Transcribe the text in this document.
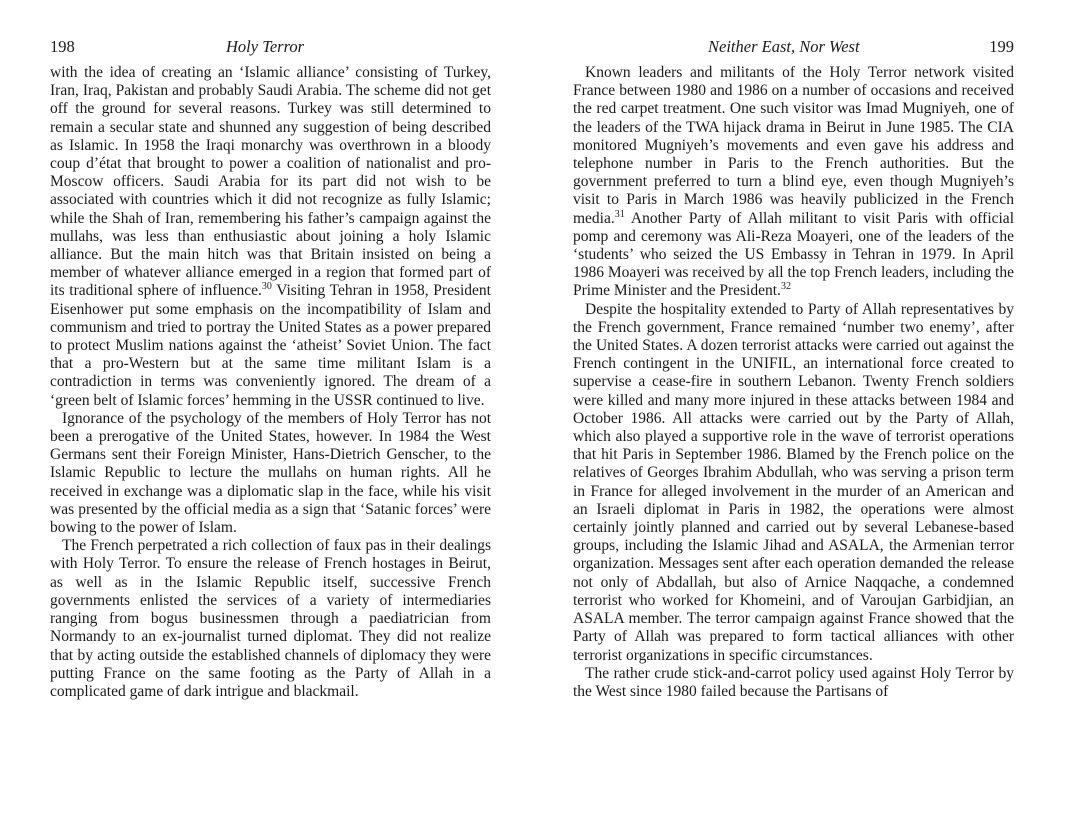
198	Holy Terror

with the idea of creating an ‘Islamic alliance’ consisting of Turkey, Iran, Iraq, Pakistan and probably Saudi Arabia. The scheme did not get off the ground for several reasons. Turkey was still determined to remain a secular state and shunned any suggestion of being described as Islamic. In 1958 the Iraqi monarchy was overthrown in a bloody coup d’état that brought to power a coalition of nationalist and pro-Moscow officers. Saudi Arabia for its part did not wish to be associated with countries which it did not recognize as fully Islamic; while the Shah of Iran, remembering his father’s campaign against the mullahs, was less than enthusiastic about joining a holy Islamic alliance. But the main hitch was that Britain insisted on being a member of whatever alliance emerged in a region that formed part of its traditional sphere of influence.$^{30}$ Visiting Tehran in 1958, President Eisenhower put some emphasis on the incompatibility of Islam and communism and tried to portray the United States as a power prepared to protect Muslim nations against the ‘atheist’ Soviet Union. The fact that a pro-Western but at the same time militant Islam is a contradiction in terms was conveniently ignored. The dream of a ‘green belt of Islamic forces’ hemming in the USSR continued to live.

Ignorance of the psychology of the members of Holy Terror has not been a prerogative of the United States, however. In 1984 the West Germans sent their Foreign Minister, Hans-Dietrich Genscher, to the Islamic Republic to lecture the mullahs on human rights. All he received in exchange was a diplomatic slap in the face, while his visit was presented by the official media as a sign that ‘Satanic forces’ were bowing to the power of Islam.

The French perpetrated a rich collection of faux pas in their dealings with Holy Terror. To ensure the release of French hostages in Beirut, as well as in the Islamic Republic itself, successive French governments enlisted the services of a variety of intermediaries ranging from bogus businessmen through a paediatrician from Normandy to an ex-journalist turned diplomat. They did not realize that by acting outside the established channels of diplomacy they were putting France on the same footing as the Party of Allah in a complicated game of dark intrigue and blackmail.

Neither East, Nor West	199

Known leaders and militants of the Holy Terror network visited France between 1980 and 1986 on a number of occasions and received the red carpet treatment. One such visitor was Imad Mugniyeh, one of the leaders of the TWA hijack drama in Beirut in June 1985. The CIA monitored Mugniyeh’s movements and even gave his address and telephone number in Paris to the French authorities. But the government preferred to turn a blind eye, even though Mugniyeh’s visit to Paris in March 1986 was heavily publicized in the French media.$^{31}$ Another Party of Allah militant to visit Paris with official pomp and ceremony was Ali-Reza Moayeri, one of the leaders of the ‘students’ who seized the US Embassy in Tehran in 1979. In April 1986 Moayeri was received by all the top French leaders, including the Prime Minister and the President.$^{32}$

Despite the hospitality extended to Party of Allah representatives by the French government, France remained ‘number two enemy’, after the United States. A dozen terrorist attacks were carried out against the French contingent in the UNIFIL, an international force created to supervise a cease-fire in southern Lebanon. Twenty French soldiers were killed and many more injured in these attacks between 1984 and October 1986. All attacks were carried out by the Party of Allah, which also played a supportive role in the wave of terrorist operations that hit Paris in September 1986. Blamed by the French police on the relatives of Georges Ibrahim Abdullah, who was serving a prison term in France for alleged involvement in the murder of an American and an Israeli diplomat in Paris in 1982, the operations were almost certainly jointly planned and carried out by several Lebanese-based groups, including the Islamic Jihad and ASALA, the Armenian terror organization. Messages sent after each operation demanded the release not only of Abdallah, but also of Arnice Naqqache, a condemned terrorist who worked for Khomeini, and of Varoujan Garbidjian, an ASALA member. The terror campaign against France showed that the Party of Allah was prepared to form tactical alliances with other terrorist organizations in specific circumstances.

The rather crude stick-and-carrot policy used against Holy Terror by the West since 1980 failed because the Partisans of
